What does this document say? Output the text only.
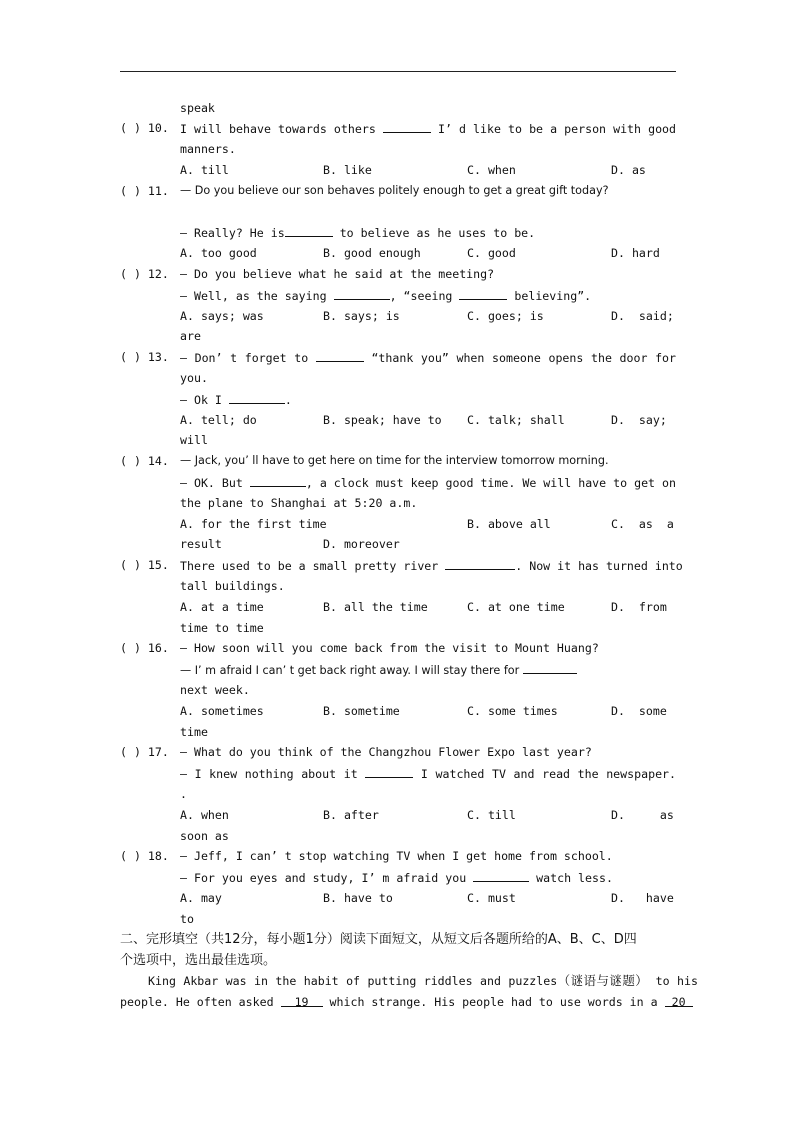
speak
( ) 10. I will behave towards others	I’ d like to be a person with good
manners.
A. till	B. like	C. when	D. as
( ) 11. — Do you believe our son behaves politely enough to get a great gift today?
— Really? He is	to believe as he uses to be.
A. too good	B. good enough	C. good	D. hard
( ) 12. — Do you believe what he said at the meeting?
— Well, as the saying	, “seeing	believing”.
A. says; was	B. says; is	C. goes; is	D.  said;
are
( ) 13. — Don’ t forget to	“thank you” when someone opens the door for
you.
— Ok I	.
A. tell; do	B. speak; have to C. talk; shall	D.  say;
will
( ) 14. — Jack, you’ ll have to get here on time for the interview tomorrow morning.
— OK. But	, a clock must keep good time. We will have to get on
the plane to Shanghai at 5:20 a.m.
A. for the first time	B. above all	C.  as  a
result	D. moreover
( ) 15. There used to be a small pretty river	. Now it has turned into
tall buildings.
A. at a time	B. all the time	C. at one time	D.  from
time to time
( ) 16. — How soon will you come back from the visit to Mount Huang?
— I’ m afraid I can’ t get back right away. I will stay there for
next week.
A. sometimes	B. sometime	C. some times	D.  some
time
( ) 17. — What do you think of the Changzhou Flower Expo last year?
— I knew nothing about it	I watched TV and read the newspaper.
.
A. when	B. after	C. till	D.     as
soon as
( ) 18. — Jeff, I can’ t stop watching TV when I get home from school.
— For you eyes and study, I’ m afraid you	watch less.
A. may	B. have to	C. must	D.   have
to
二、完形填空（共12分，每小题1分）阅读下面短文，从短文后各题所给的A、B、C、D四
个选项中，选出最佳选项。
King Akbar was in the habit of putting riddles and puzzles（谜语与谜题） to his
people. He often asked 19 which strange. His people had to use words in a 20
